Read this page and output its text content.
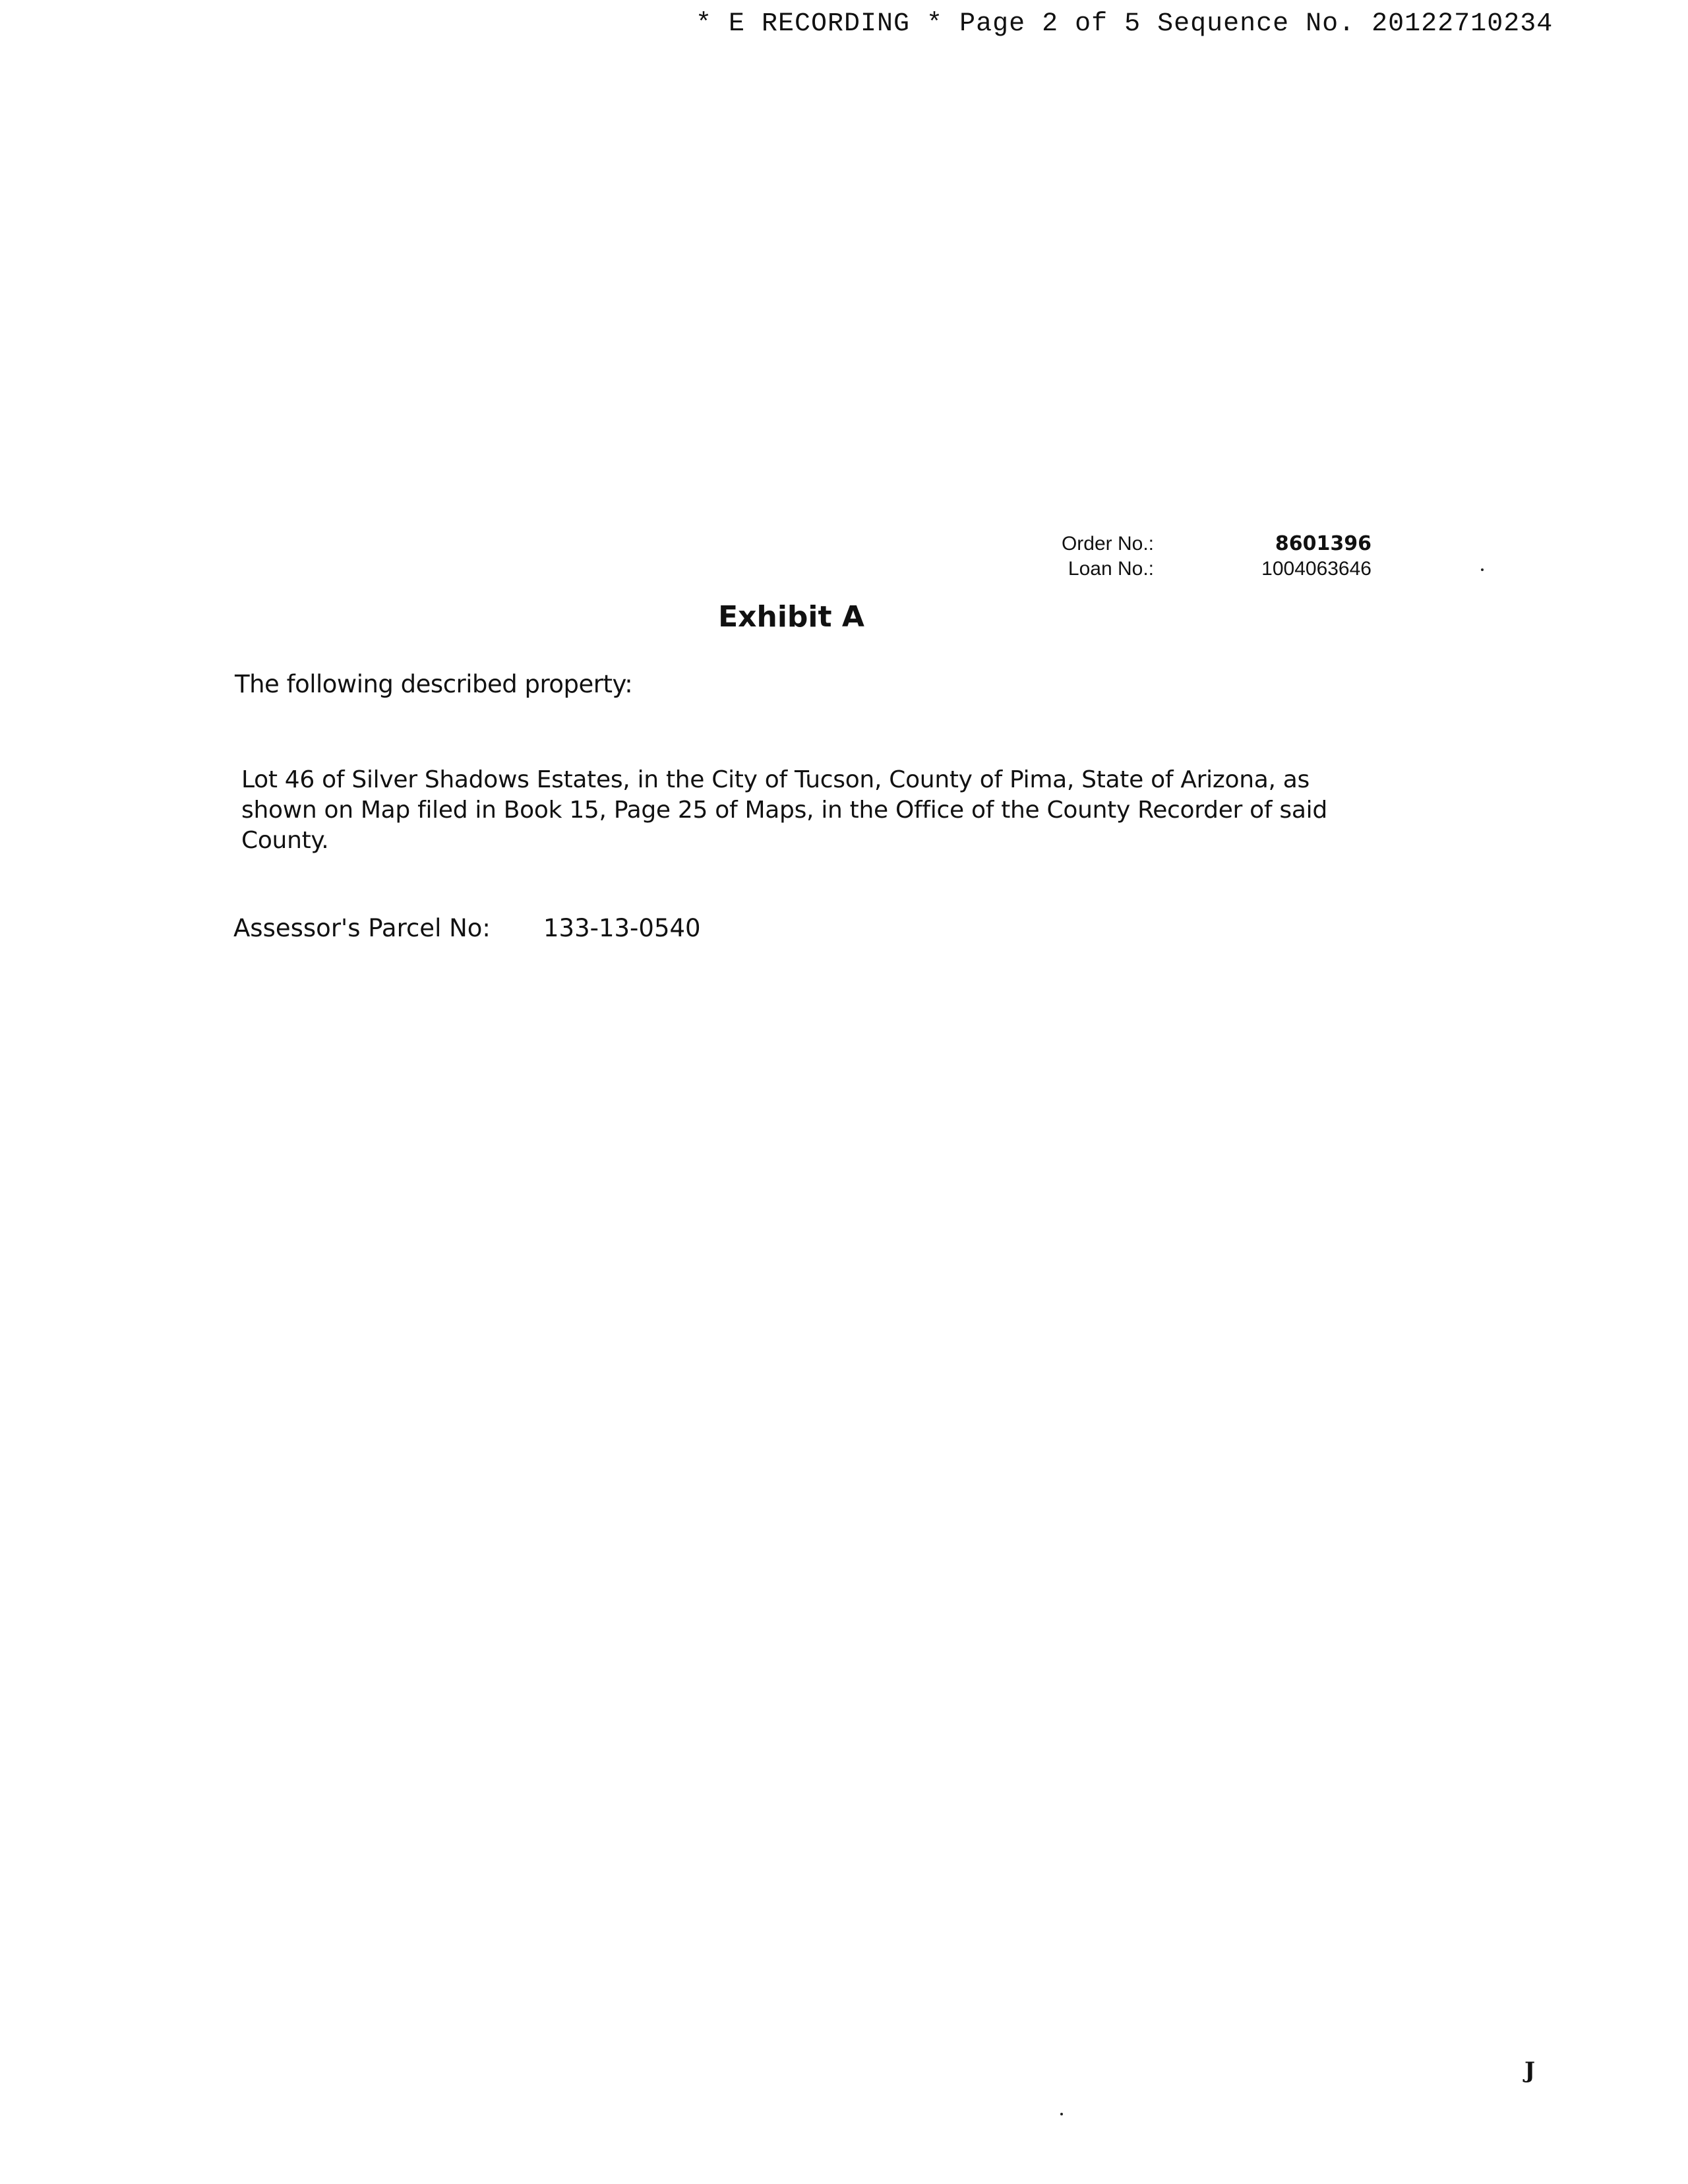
* E RECORDING * Page 2 of 5 Sequence No. 20122710234
Order No.:	8601396
Loan No.:	1004063646
Exhibit A
The following described property:
Lot 46 of Silver Shadows Estates, in the City of Tucson, County of Pima, State of Arizona, as shown on Map filed in Book 15, Page 25 of Maps, in the Office of the County Recorder of said County.
Assessor's Parcel No:	133-13-0540
J
